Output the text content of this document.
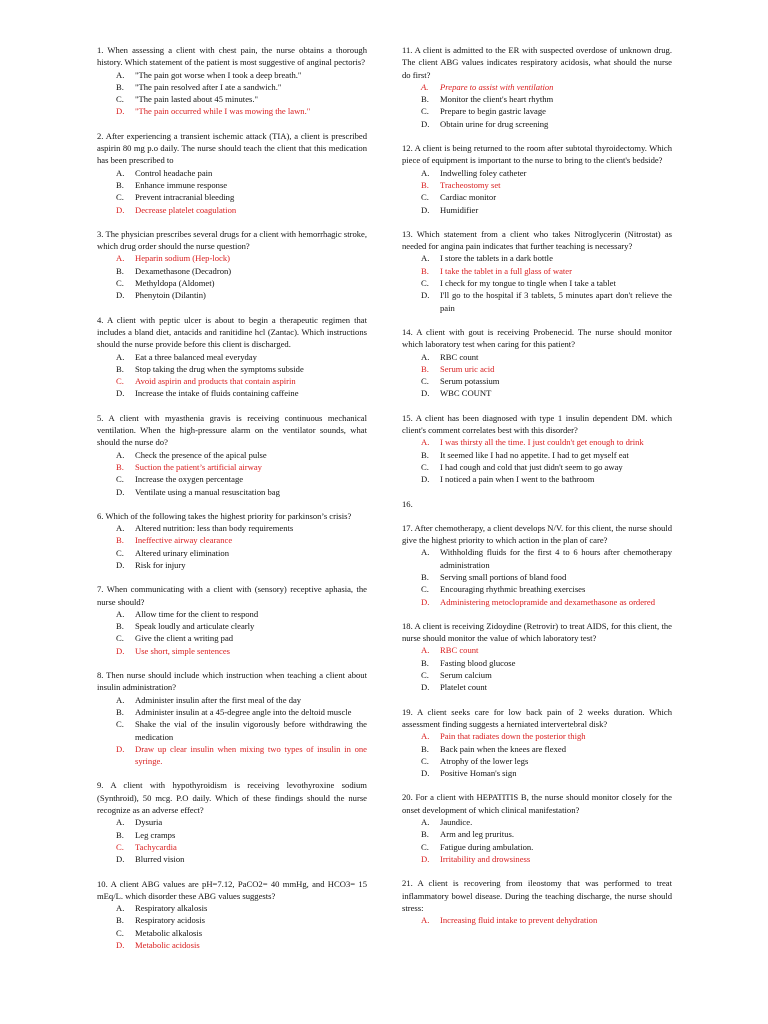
1. When assessing a client with chest pain, the nurse obtains a thorough history. Which statement of the patient is most suggestive of anginal pectoris?
A. "The pain got worse when I took a deep breath."
B. "The pain resolved after I ate a sandwich."
C. "The pain lasted about 45 minutes."
D. "The pain occurred while I was mowing the lawn."
2. After experiencing a transient ischemic attack (TIA), a client is prescribed aspirin 80 mg p.o daily. The nurse should teach the client that this medication has been prescribed to
A. Control headache pain
B. Enhance immune response
C. Prevent intracranial bleeding
D. Decrease platelet coagulation
3. The physician prescribes several drugs for a client with hemorrhagic stroke, which drug order should the nurse question?
A. Heparin sodium (Hep-lock)
B. Dexamethasone (Decadron)
C. Methyldopa (Aldomet)
D. Phenytoin (Dilantin)
4. A client with peptic ulcer is about to begin a therapeutic regimen that includes a bland diet, antacids and ranitidine hcl (Zantac). Which instructions should the nurse provide before this client is discharged.
A. Eat a three balanced meal everyday
B. Stop taking the drug when the symptoms subside
C. Avoid aspirin and products that contain aspirin
D. Increase the intake of fluids containing caffeine
5. A client with myasthenia gravis is receiving continuous mechanical ventilation. When the high-pressure alarm on the ventilator sounds, what should the nurse do?
A. Check the presence of the apical pulse
B. Suction the patient’s artificial airway
C. Increase the oxygen percentage
D. Ventilate using a manual resuscitation bag
6. Which of the following takes the highest priority for parkinson’s crisis?
A. Altered nutrition: less than body requirements
B. Ineffective airway clearance
C. Altered urinary elimination
D. Risk for injury
7. When communicating with a client with (sensory) receptive aphasia, the nurse should?
A. Allow time for the client to respond
B. Speak loudly and articulate clearly
C. Give the client a writing pad
D. Use short, simple sentences
8. Then nurse should include which instruction when teaching a client about insulin administration?
A. Administer insulin after the first meal of the day
B. Administer insulin at a 45-degree angle into the deltoid muscle
C. Shake the vial of the insulin vigorously before withdrawing the medication
D. Draw up clear insulin when mixing two types of insulin in one syringe.
9. A client with hypothyroidism is receiving levothyroxine sodium (Synthroid), 50 mcg. P.O daily. Which of these findings should the nurse recognize as an adverse effect?
A. Dysuria
B. Leg cramps
C. Tachycardia
D. Blurred vision
10. A client ABG values are pH=7.12, PaCO2= 40 mmHg, and HCO3= 15 mEq/L. which disorder these ABG values suggests?
A. Respiratory alkalosis
B. Respiratory acidosis
C. Metabolic alkalosis
D. Metabolic acidosis
11. A client is admitted to the ER with suspected overdose of unknown drug. The client ABG values indicates respiratory acidosis, what should the nurse do first?
A. Prepare to assist with ventilation
B. Monitor the client's heart rhythm
C. Prepare to begin gastric lavage
D. Obtain urine for drug screening
12. A client is being returned to the room after subtotal thyroidectomy. Which piece of equipment is important to the nurse to bring to the client's bedside?
A. Indwelling foley catheter
B. Tracheostomy set
C. Cardiac monitor
D. Humidifier
13. Which statement from a client who takes Nitroglycerin (Nitrostat) as needed for angina pain indicates that further teaching is necessary?
A. I store the tablets in a dark bottle
B. I take the tablet in a full glass of water
C. I check for my tongue to tingle when I take a tablet
D. I'll go to the hospital if 3 tablets, 5 minutes apart don't relieve the pain
14. A client with gout is receiving Probenecid. The nurse should monitor which laboratory test when caring for this patient?
A. RBC count
B. Serum uric acid
C. Serum potassium
D. WBC COUNT
15. A client has been diagnosed with type 1 insulin dependent DM. which client's comment correlates best with this disorder?
A. I was thirsty all the time. I just couldn't get enough to drink
B. It seemed like I had no appetite. I had to get myself eat
C. I had cough and cold that just didn't seem to go away
D. I noticed a pain when I went to the bathroom
16.
17. After chemotherapy, a client develops N/V. for this client, the nurse should give the highest priority to which action in the plan of care?
A. Withholding fluids for the first 4 to 6 hours after chemotherapy administration
B. Serving small portions of bland food
C. Encouraging rhythmic breathing exercises
D. Administering metoclopramide and dexamethasone as ordered
18. A client is receiving Zidoydine (Retrovir) to treat AIDS, for this client, the nurse should monitor the value of which laboratory test?
A. RBC count
B. Fasting blood glucose
C. Serum calcium
D. Platelet count
19. A client seeks care for low back pain of 2 weeks duration. Which assessment finding suggests a herniated intervertebral disk?
A. Pain that radiates down the posterior thigh
B. Back pain when the knees are flexed
C. Atrophy of the lower legs
D. Positive Homan's sign
20. For a client with HEPATITIS B, the nurse should monitor closely for the onset development of which clinical manifestation?
A. Jaundice.
B. Arm and leg pruritus.
C. Fatigue during ambulation.
D. Irritability and drowsiness
21. A client is recovering from ileostomy that was performed to treat inflammatory bowel disease. During the teaching discharge, the nurse should stress:
A. Increasing fluid intake to prevent dehydration
